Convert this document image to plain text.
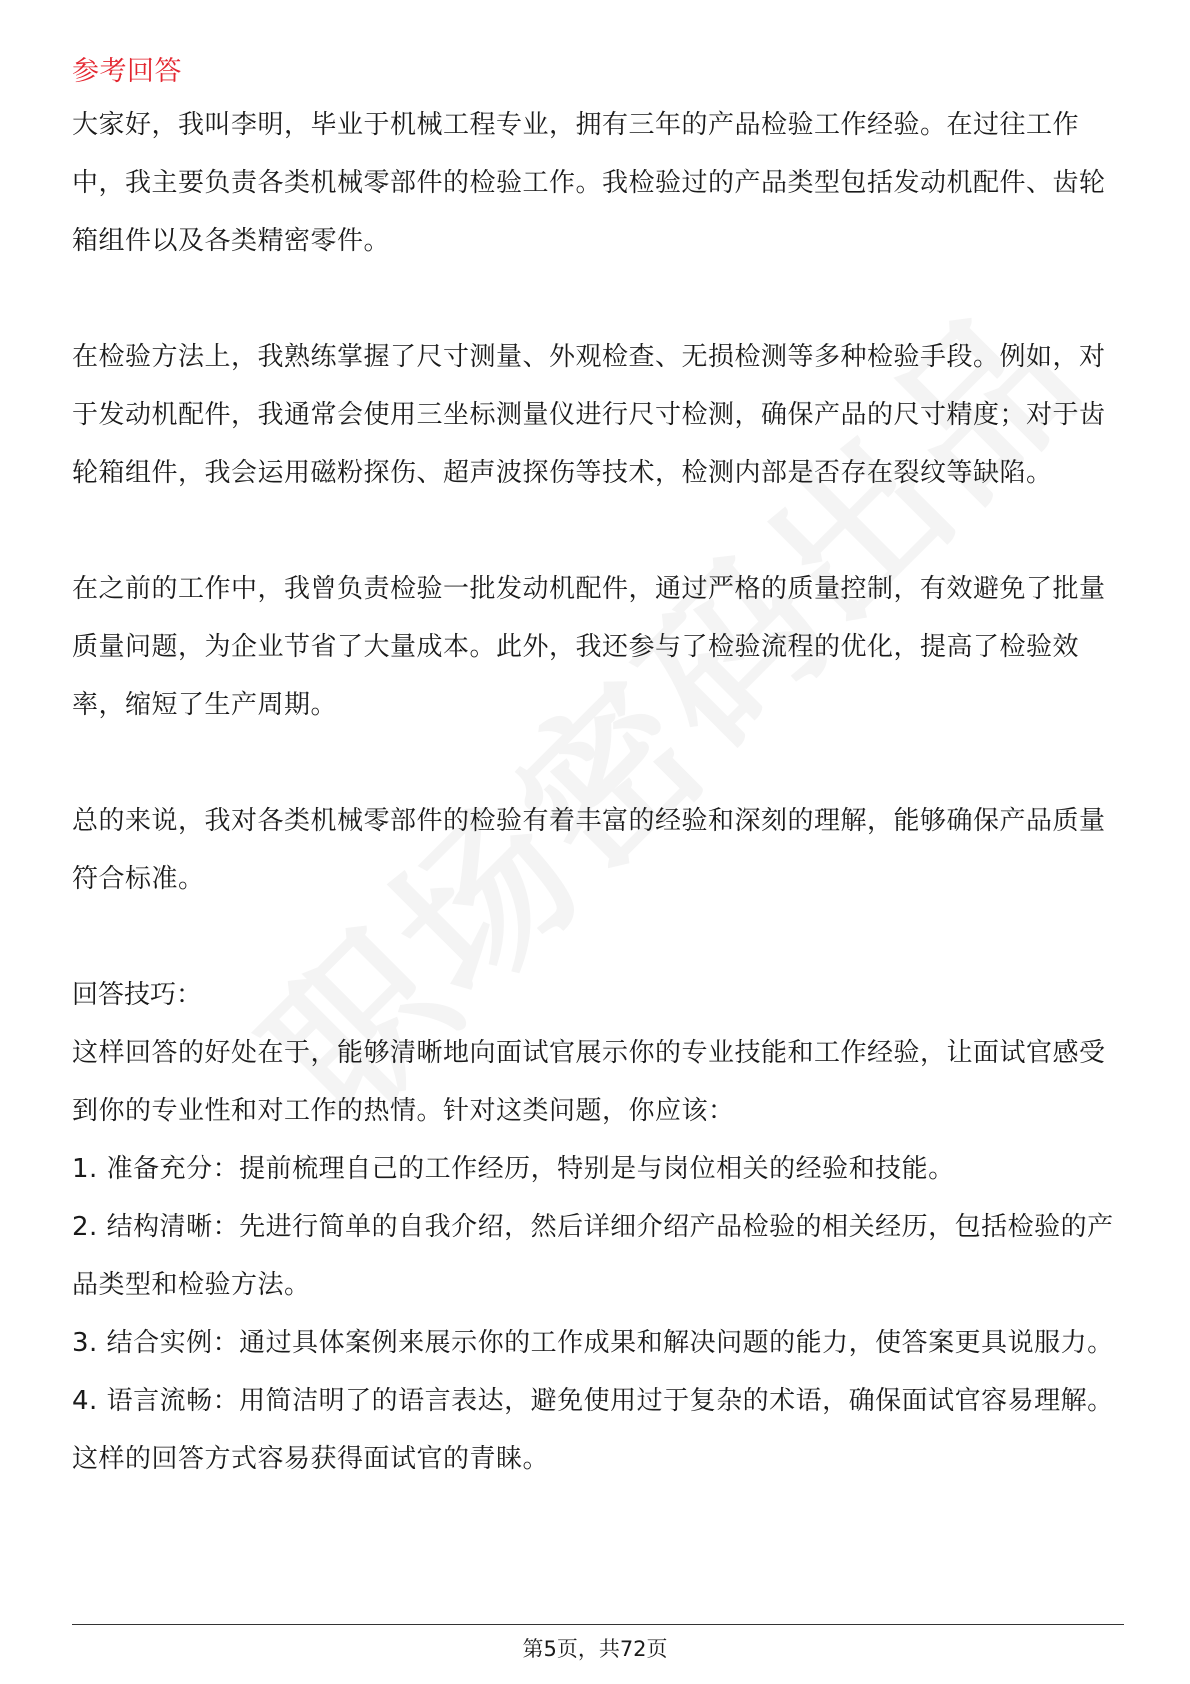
参考回答

大家好，我叫李明，毕业于机械工程专业，拥有三年的产品检验工作经验。在过往工作中，我主要负责各类机械零部件的检验工作。我检验过的产品类型包括发动机配件、齿轮箱组件以及各类精密零件。

在检验方法上，我熟练掌握了尺寸测量、外观检查、无损检测等多种检验手段。例如，对于发动机配件，我通常会使用三坐标测量仪进行尺寸检测，确保产品的尺寸精度；对于齿轮箱组件，我会运用磁粉探伤、超声波探伤等技术，检测内部是否存在裂纹等缺陷。

在之前的工作中，我曾负责检验一批发动机配件，通过严格的质量控制，有效避免了批量质量问题，为企业节省了大量成本。此外，我还参与了检验流程的优化，提高了检验效率，缩短了生产周期。

总的来说，我对各类机械零部件的检验有着丰富的经验和深刻的理解，能够确保产品质量符合标准。

回答技巧：

这样回答的好处在于，能够清晰地向面试官展示你的专业技能和工作经验，让面试官感受到你的专业性和对工作的热情。针对这类问题，你应该：

1. 准备充分：提前梳理自己的工作经历，特别是与岗位相关的经验和技能。

2. 结构清晰：先进行简单的自我介绍，然后详细介绍产品检验的相关经历，包括检验的产品类型和检验方法。

3. 结合实例：通过具体案例来展示你的工作成果和解决问题的能力，使答案更具说服力。

4. 语言流畅：用简洁明了的语言表达，避免使用过于复杂的术语，确保面试官容易理解。这样的回答方式容易获得面试官的青睐。

第5页，共72页
